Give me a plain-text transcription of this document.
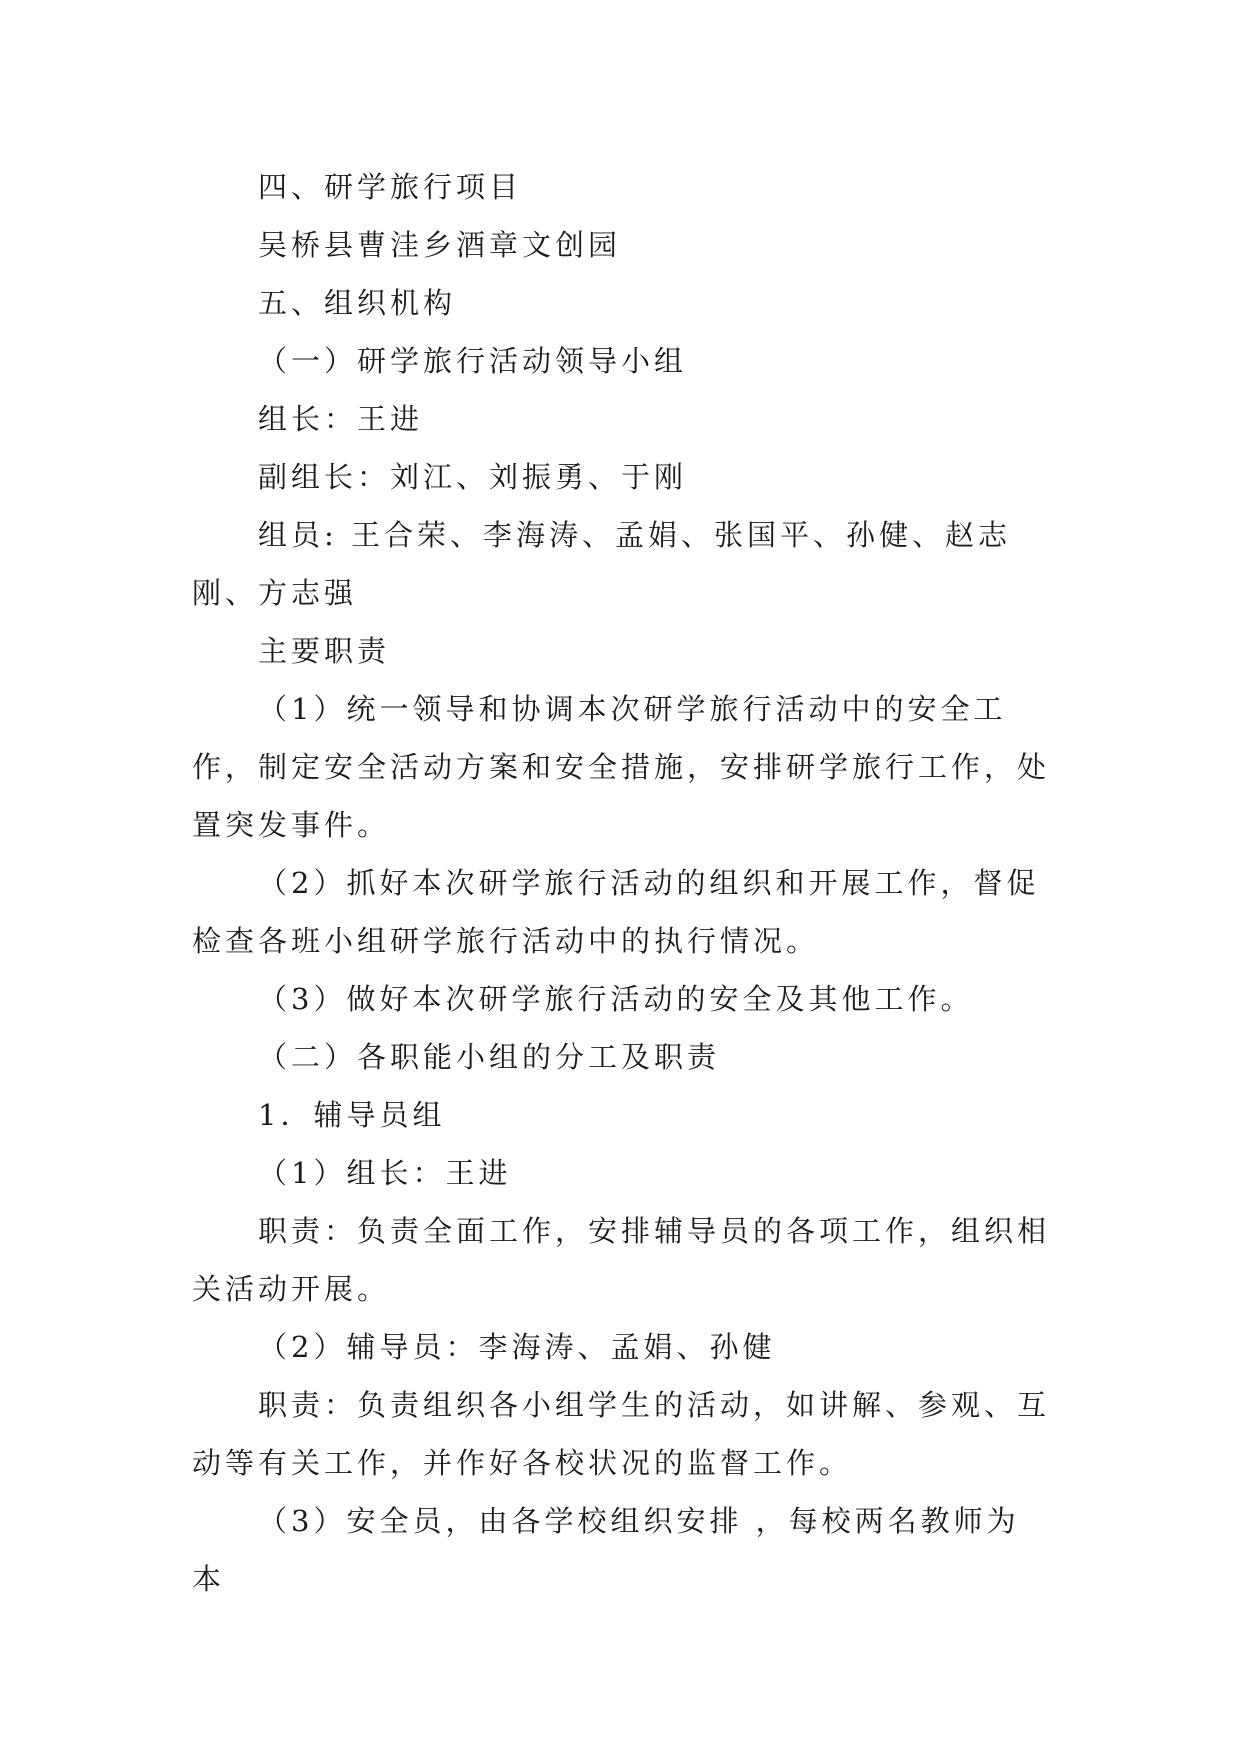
四、研学旅行项目

吴桥县曹洼乡酒章文创园

五、组织机构

（一）研学旅行活动领导小组

组长：王进

副组长：刘江、刘振勇、于刚

组员: 王合荣、李海涛、孟娟、张国平、孙健、赵志刚、方志强

主要职责

（1）统一领导和协调本次研学旅行活动中的安全工作，制定安全活动方案和安全措施，安排研学旅行工作，处置突发事件。

（2）抓好本次研学旅行活动的组织和开展工作，督促检查各班小组研学旅行活动中的执行情况。

（3）做好本次研学旅行活动的安全及其他工作。

（二）各职能小组的分工及职责

1．辅导员组

（1）组长：王进

职责：负责全面工作，安排辅导员的各项工作，组织相关活动开展。

（2）辅导员：李海涛、孟娟、孙健

职责：负责组织各小组学生的活动，如讲解、参观、互动等有关工作，并作好各校状况的监督工作。

（3）安全员，由各学校组织安排 ，每校两名教师为本
